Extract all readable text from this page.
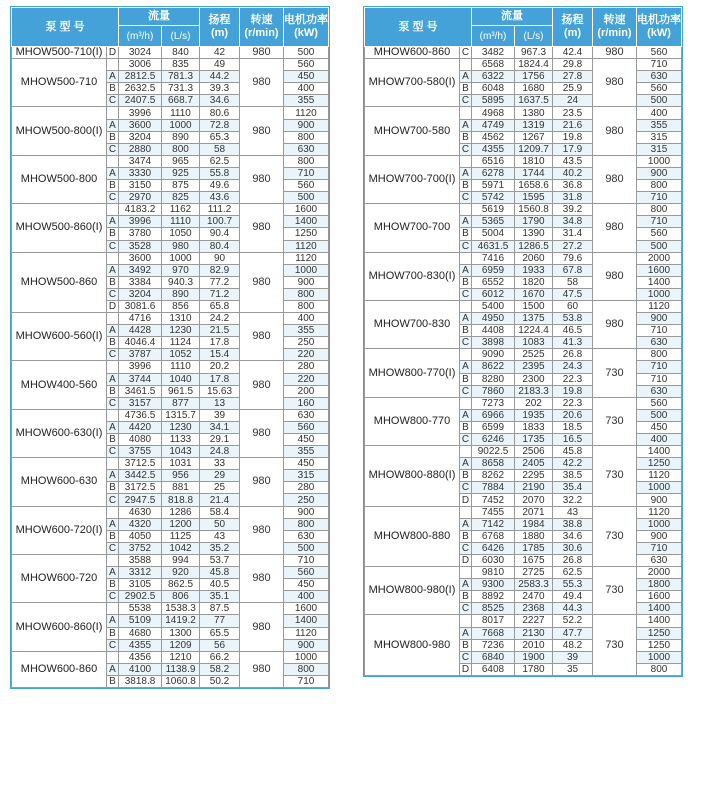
泵 型 号		流量		扬程
(m)	转速
(r/min)	电机功率
(kW)
		(m³/h)	(L/s)			
MHOW500-710(I)	D	3024	840	42	980	500
MHOW500-710		3006	835	49	980	560
	A	2812.5	781.3	44.2		450
	B	2632.5	731.3	39.3		400
	C	2407.5	668.7	34.6		355
MHOW500-800(I)		3996	1110	80.6	980	1120
	A	3600	1000	72.8		900
	B	3204	890	65.3		800
	C	2880	800	58		630
MHOW500-800		3474	965	62.5	980	800
	A	3330	925	55.8		710
	B	3150	875	49.6		560
	C	2970	825	43.6		500
MHOW500-860(I)		4183.2	1162	111.2	980	1600
	A	3996	1110	100.7		1400
	B	3780	1050	90.4		1250
	C	3528	980	80.4		1120
MHOW500-860		3600	1000	90	980	1120
	A	3492	970	82.9		1000
	B	3384	940.3	77.2		900
	C	3204	890	71.2		800
	D	3081.6	856	65.8		800
MHOW600-560(I)		4716	1310	24.2	980	400
	A	4428	1230	21.5		355
	B	4046.4	1124	17.8		250
	C	3787	1052	15.4		220
MHOW400-560		3996	1110	20.2	980	280
	A	3744	1040	17.8		220
	B	3461.5	961.5	15.63		200
	C	3157	877	13		160
MHOW600-630(I)		4736.5	1315.7	39	980	630
	A	4420	1230	34.1		560
	B	4080	1133	29.1		450
	C	3755	1043	24.8		355
MHOW600-630		3712.5	1031	33	980	450
	A	3442.5	956	29		315
	B	3172.5	881	25		280
	C	2947.5	818.8	21.4		250
MHOW600-720(I)		4630	1286	58.4	980	900
	A	4320	1200	50		800
	B	4050	1125	43		630
	C	3752	1042	35.2		500
MHOW600-720		3588	994	53.7	980	710
	A	3312	920	45.8		560
	B	3105	862.5	40.5		450
	C	2902.5	806	35.1		400
MHOW600-860(I)		5538	1538.3	87.5	980	1600
	A	5109	1419.2	77		1400
	B	4680	1300	65.5		1120
	C	4355	1209	56		900
MHOW600-860		4356	1210	66.2	980	1000
	A	4100	1138.9	58.2		800
	B	3818.8	1060.8	50.2		710
泵 型 号		流量		扬程
(m)	转速
(r/min)	电机功率
(kW)
		(m³/h)	(L/s)			
MHOW600-860	C	3482	967.3	42.4	980	560
MHOW700-580(I)		6568	1824.4	29.8	980	710
	A	6322	1756	27.8		630
	B	6048	1680	25.9		560
	C	5895	1637.5	24		500
MHOW700-580		4968	1380	23.5	980	400
	A	4749	1319	21.6		355
	B	4562	1267	19.8		315
	C	4355	1209.7	17.9		315
MHOW700-700(I)		6516	1810	43.5	980	1000
	A	6278	1744	40.2		900
	B	5971	1658.6	36.8		800
	C	5742	1595	31.8		710
MHOW700-700		5619	1560.8	39.2	980	800
	A	5365	1790	34.8		710
	B	5004	1390	31.4		560
	C	4631.5	1286.5	27.2		500
MHOW700-830(I)		7416	2060	79.6	980	2000
	A	6959	1933	67.8		1600
	B	6552	1820	58		1400
	C	6012	1670	47.5		1000
MHOW700-830		5400	1500	60	980	1120
	A	4950	1375	53.8		900
	B	4408	1224.4	46.5		710
	C	3898	1083	41.3		630
MHOW800-770(I)		9090	2525	26.8	730	800
	A	8622	2395	24.3		710
	B	8280	2300	22.3		710
	C	7860	2183.3	19.8		630
MHOW800-770		7273	202	22.3	730	560
	A	6966	1935	20.6		500
	B	6599	1833	18.5		450
	C	6246	1735	16.5		400
MHOW800-880(I)		9022.5	2506	45.8	730	1400
	A	8658	2405	42.2		1250
	B	8262	2295	38.5		1120
	C	7884	2190	35.4		1000
	D	7452	2070	32.2		900
MHOW800-880		7455	2071	43	730	1120
	A	7142	1984	38.8		1000
	B	6768	1880	34.6		900
	C	6426	1785	30.6		710
	D	6030	1675	26.8		630
MHOW800-980(I)		9810	2725	62.5	730	2000
	A	9300	2583.3	55.3		1800
	B	8892	2470	49.4		1600
	C	8525	2368	44.3		1400
MHOW800-980		8017	2227	52.2	730	1400
	A	7668	2130	47.7		1250
	B	7236	2010	48.2		1250
	C	6840	1900	39		1000
	D	6408	1780	35		800
